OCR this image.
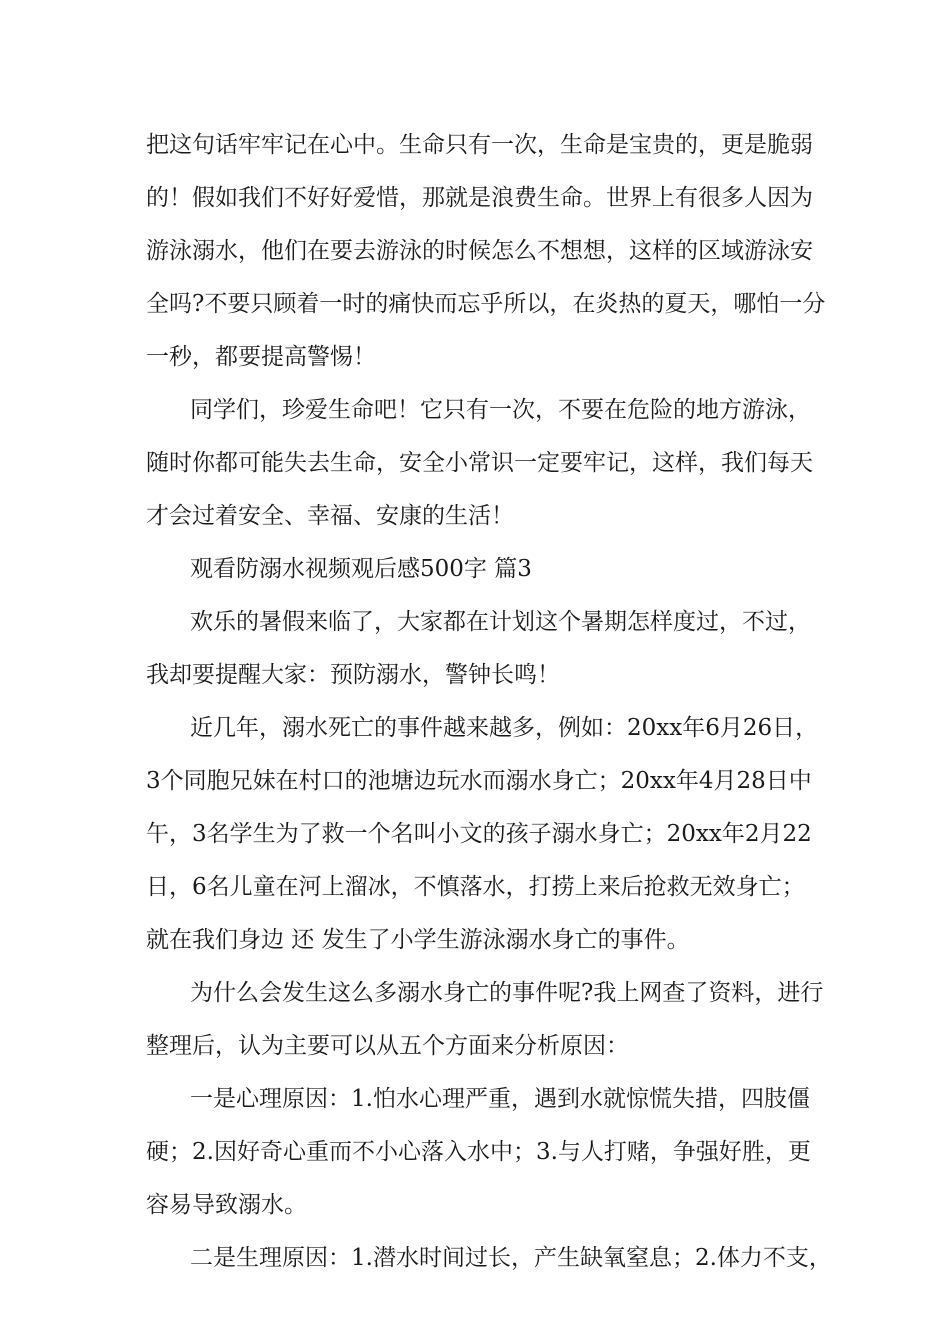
把这句话牢牢记在心中。生命只有一次，生命是宝贵的，更是脆弱
的！假如我们不好好爱惜，那就是浪费生命。世界上有很多人因为
游泳溺水，他们在要去游泳的时候怎么不想想，这样的区域游泳安
全吗?不要只顾着一时的痛快而忘乎所以，在炎热的夏天，哪怕一分
一秒，都要提高警惕！
同学们，珍爱生命吧！它只有一次，不要在危险的地方游泳，
随时你都可能失去生命，安全小常识一定要牢记，这样，我们每天
才会过着安全、幸福、安康的生活！
观看防溺水视频观后感500字 篇3
欢乐的暑假来临了，大家都在计划这个暑期怎样度过，不过，
我却要提醒大家：预防溺水，警钟长鸣！
近几年，溺水死亡的事件越来越多，例如：20xx年6月26日，
3个同胞兄妹在村口的池塘边玩水而溺水身亡；20xx年4月28日中
午，3名学生为了救一个名叫小文的孩子溺水身亡；20xx年2月22
日，6名儿童在河上溜冰，不慎落水，打捞上来后抢救无效身亡；
就在我们身边 还 发生了小学生游泳溺水身亡的事件。
为什么会发生这么多溺水身亡的事件呢?我上网查了资料，进行
整理后，认为主要可以从五个方面来分析原因：
一是心理原因：1.怕水心理严重，遇到水就惊慌失措，四肢僵
硬；2.因好奇心重而不小心落入水中；3.与人打赌，争强好胜，更
容易导致溺水。
二是生理原因：1.潜水时间过长，产生缺氧窒息；2.体力不支，
